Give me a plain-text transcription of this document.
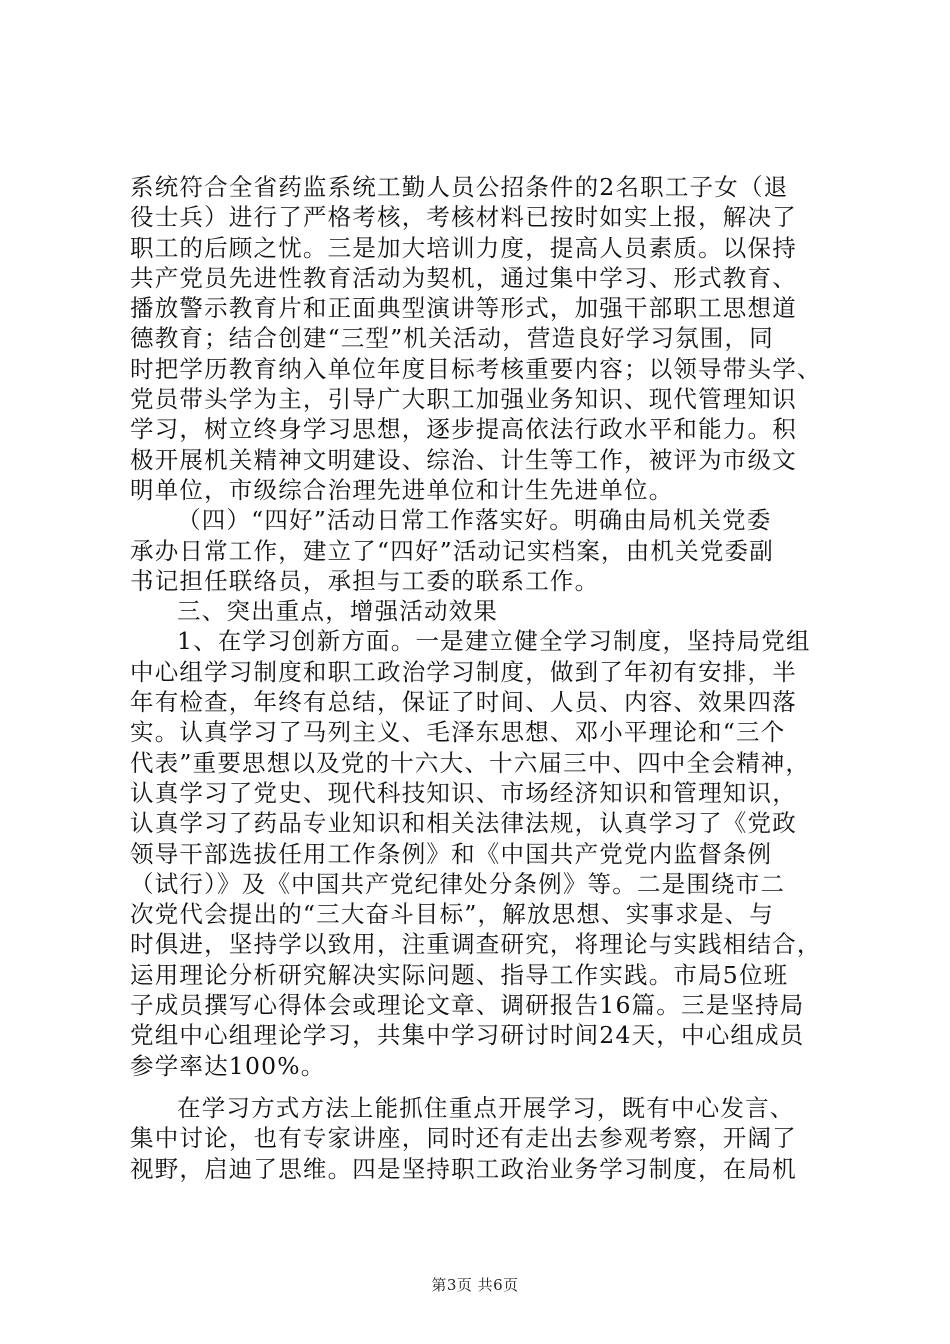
系统符合全省药监系统工勤人员公招条件的2名职工子女（退
役士兵）进行了严格考核，考核材料已按时如实上报，解决了
职工的后顾之忧。三是加大培训力度，提高人员素质。以保持
共产党员先进性教育活动为契机，通过集中学习、形式教育、
播放警示教育片和正面典型演讲等形式，加强干部职工思想道
德教育；结合创建“三型”机关活动，营造良好学习氛围，同
时把学历教育纳入单位年度目标考核重要内容；以领导带头学、
党员带头学为主，引导广大职工加强业务知识、现代管理知识
学习，树立终身学习思想，逐步提高依法行政水平和能力。积
极开展机关精神文明建设、综治、计生等工作，被评为市级文
明单位，市级综合治理先进单位和计生先进单位。
（四）“四好”活动日常工作落实好。明确由局机关党委
承办日常工作，建立了“四好”活动记实档案，由机关党委副
书记担任联络员，承担与工委的联系工作。
三、突出重点，增强活动效果
1、在学习创新方面。一是建立健全学习制度，坚持局党组
中心组学习制度和职工政治学习制度，做到了年初有安排，半
年有检查，年终有总结，保证了时间、人员、内容、效果四落
实。认真学习了马列主义、毛泽东思想、邓小平理论和“三个
代表”重要思想以及党的十六大、十六届三中、四中全会精神，
认真学习了党史、现代科技知识、市场经济知识和管理知识，
认真学习了药品专业知识和相关法律法规，认真学习了《党政
领导干部选拔任用工作条例》和《中国共产党党内监督条例
（试行）》及《中国共产党纪律处分条例》等。二是围绕市二
次党代会提出的“三大奋斗目标”，解放思想、实事求是、与
时俱进，坚持学以致用，注重调查研究，将理论与实践相结合，
运用理论分析研究解决实际问题、指导工作实践。市局5位班
子成员撰写心得体会或理论文章、调研报告16篇。三是坚持局
党组中心组理论学习，共集中学习研讨时间24天，中心组成员
参学率达100%。
在学习方式方法上能抓住重点开展学习，既有中心发言、
集中讨论，也有专家讲座，同时还有走出去参观考察，开阔了
视野，启迪了思维。四是坚持职工政治业务学习制度，在局机
第3页 共6页
